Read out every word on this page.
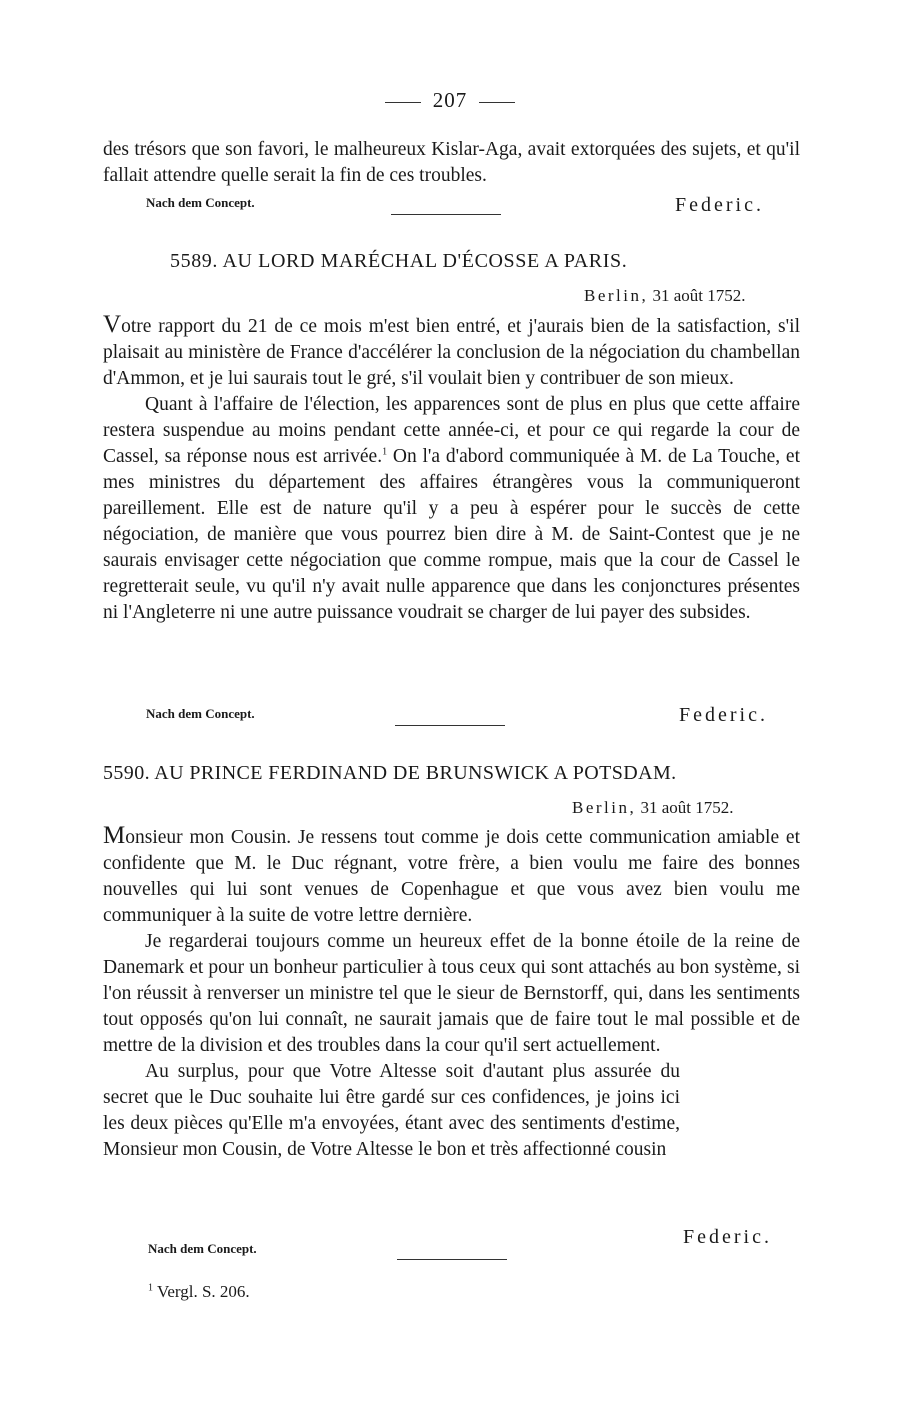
207

des trésors que son favori, le malheureux Kislar-Aga, avait extorquées des sujets, et qu'il fallait attendre quelle serait la fin de ces troubles.

Nach dem Concept.	Federic.
5589. AU LORD MARÉCHAL D'ÉCOSSE A PARIS.
Berlin, 31 août 1752.

Votre rapport du 21 de ce mois m'est bien entré, et j'aurais bien de la satisfaction, s'il plaisait au ministère de France d'accélérer la conclusion de la négociation du chambellan d'Ammon, et je lui saurais tout le gré, s'il voulait bien y contribuer de son mieux.

Quant à l'affaire de l'élection, les apparences sont de plus en plus que cette affaire restera suspendue au moins pendant cette année-ci, et pour ce qui regarde la cour de Cassel, sa réponse nous est arrivée.$^1$ On l'a d'abord communiquée à M. de La Touche, et mes ministres du département des affaires étrangères vous la communiqueront pareillement. Elle est de nature qu'il y a peu à espérer pour le succès de cette négociation, de manière que vous pourrez bien dire à M. de Saint-Contest que je ne saurais envisager cette négociation que comme rompue, mais que la cour de Cassel le regretterait seule, vu qu'il n'y avait nulle apparence que dans les conjonctures présentes ni l'Angleterre ni une autre puissance voudrait se charger de lui payer des subsides.

Nach dem Concept.	Federic.
5590. AU PRINCE FERDINAND DE BRUNSWICK A POTSDAM.
Berlin, 31 août 1752.

Monsieur mon Cousin. Je ressens tout comme je dois cette communication amiable et confidente que M. le Duc régnant, votre frère, a bien voulu me faire des bonnes nouvelles qui lui sont venues de Copenhague et que vous avez bien voulu me communiquer à la suite de votre lettre dernière.

Je regarderai toujours comme un heureux effet de la bonne étoile de la reine de Danemark et pour un bonheur particulier à tous ceux qui sont attachés au bon système, si l'on réussit à renverser un ministre tel que le sieur de Bernstorff, qui, dans les sentiments tout opposés qu'on lui connaît, ne saurait jamais que de faire tout le mal possible et de mettre de la division et des troubles dans la cour qu'il sert actuellement.

Au surplus, pour que Votre Altesse soit d'autant plus assurée du secret que le Duc souhaite lui être gardé sur ces confidences, je joins ici les deux pièces qu'Elle m'a envoyées, étant avec des sentiments d'estime, Monsieur mon Cousin, de Votre Altesse le bon et très affectionné cousin

Federic.
Nach dem Concept.
$^1$ Vergl. S. 206.
